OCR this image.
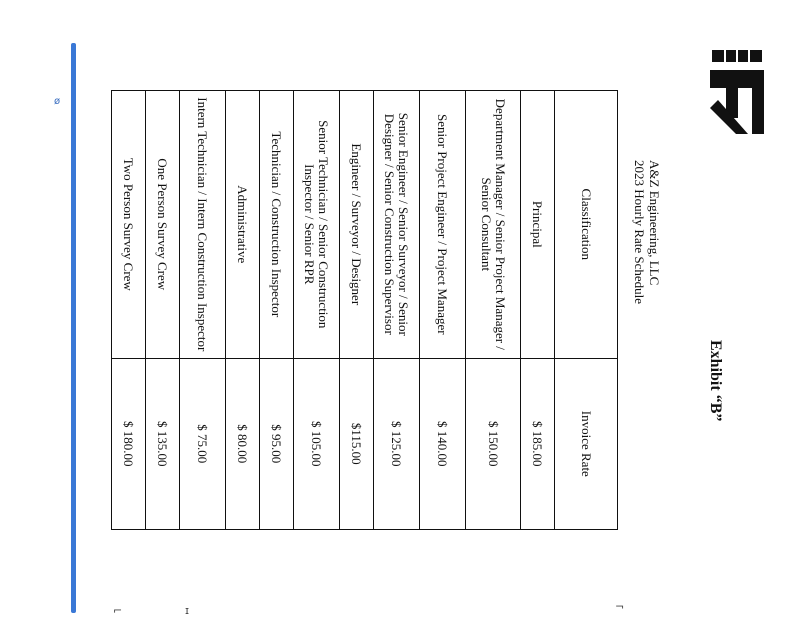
ø
A&Z Engineering, LLC
2023 Hourly Rate Schedule
Exhibit “B”
Classification	Invoice Rate
Principal	$ 185.00
Department Manager / Senior Project Manager / Senior Consultant	$ 150.00
Senior Project Engineer / Project Manager	$ 140.00
Senior Engineer / Senior Surveyor / Senior Designer / Senior Construction Supervisor	$ 125.00
Engineer / Surveyor / Designer	$115.00
Senior Technician / Senior Construction Inspector / Senior RPR	$ 105.00
Technician / Construction Inspector	$ 95.00
Administrative	$ 80.00
Intern Technician / Intern Construction Inspector	$ 75.00
One Person Survey Crew	$ 135.00
Two Person Survey Crew	$ 180.00
⌐	ɪ	¬
